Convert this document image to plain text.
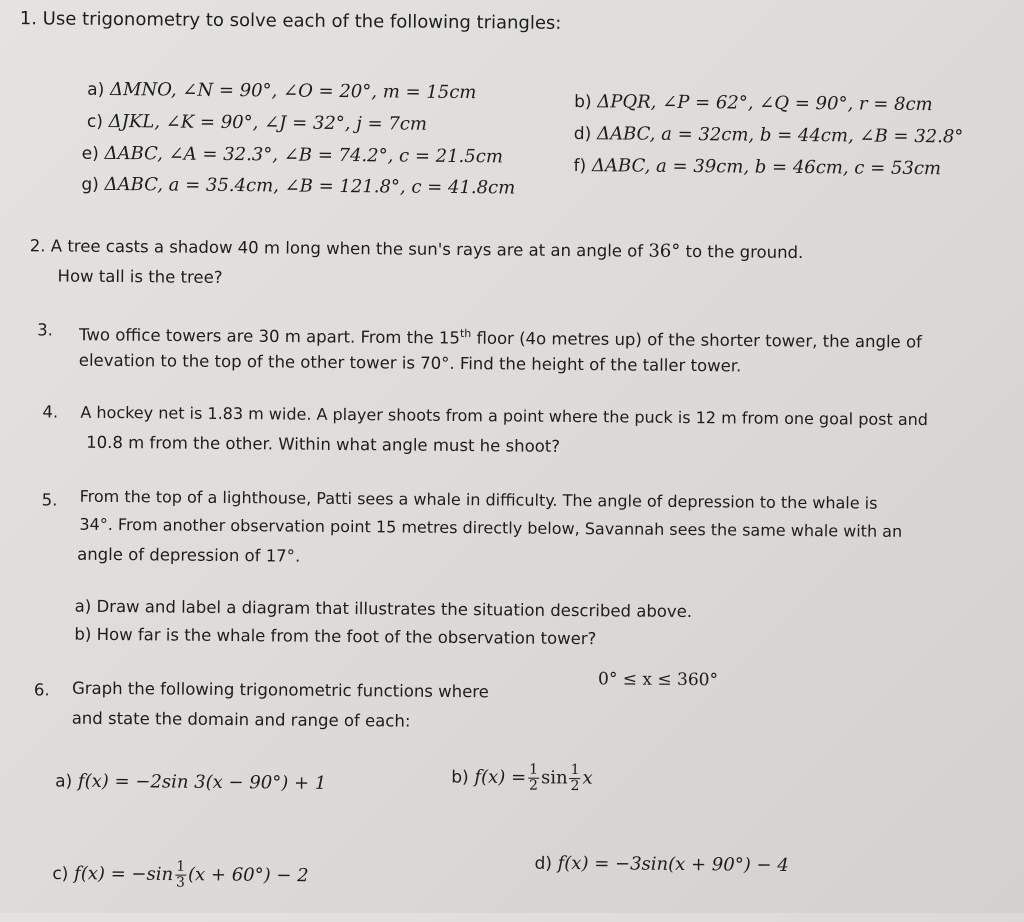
1. Use trigonometry to solve each of the following triangles:
a) ΔMNO, ∠N = 90°, ∠O = 20°, m = 15cm	b) ΔPQR, ∠P = 62°, ∠Q = 90°, r = 8cm
c) ΔJKL, ∠K = 90°, ∠J = 32°, j = 7cm	d) ΔABC, a = 32cm, b = 44cm, ∠B = 32.8°
e) ΔABC, ∠A = 32.3°, ∠B = 74.2°, c = 21.5cm	f) ΔABC, a = 39cm, b = 46cm, c = 53cm
g) ΔABC, a = 35.4cm, ∠B = 121.8°, c = 41.8cm
2. A tree casts a shadow 40 m long when the sun's rays are at an angle of 36° to the ground.
How tall is the tree?
3. Two office towers are 30 m apart. From the 15th floor (4o metres up) of the shorter tower, the angle of
elevation to the top of the other tower is 70°. Find the height of the taller tower.
4. A hockey net is 1.83 m wide. A player shoots from a point where the puck is 12 m from one goal post and
10.8 m from the other. Within what angle must he shoot?
5. From the top of a lighthouse, Patti sees a whale in difficulty. The angle of depression to the whale is
34°. From another observation point 15 metres directly below, Savannah sees the same whale with an
angle of depression of 17°.
a) Draw and label a diagram that illustrates the situation described above.
b) How far is the whale from the foot of the observation tower?
6. Graph the following trigonometric functions where	0° ≤ x ≤ 360°
and state the domain and range of each:
a) f(x) = −2sin 3(x − 90°) + 1	b) $f(x) = \frac{1}{2}$ $\sin \frac{1}{2}$ x
c) $f(x) = -\sin \frac{1}{3} (x + 60^\circ) - 2$
d) f(x) = −3sin(x + 90°) − 4
